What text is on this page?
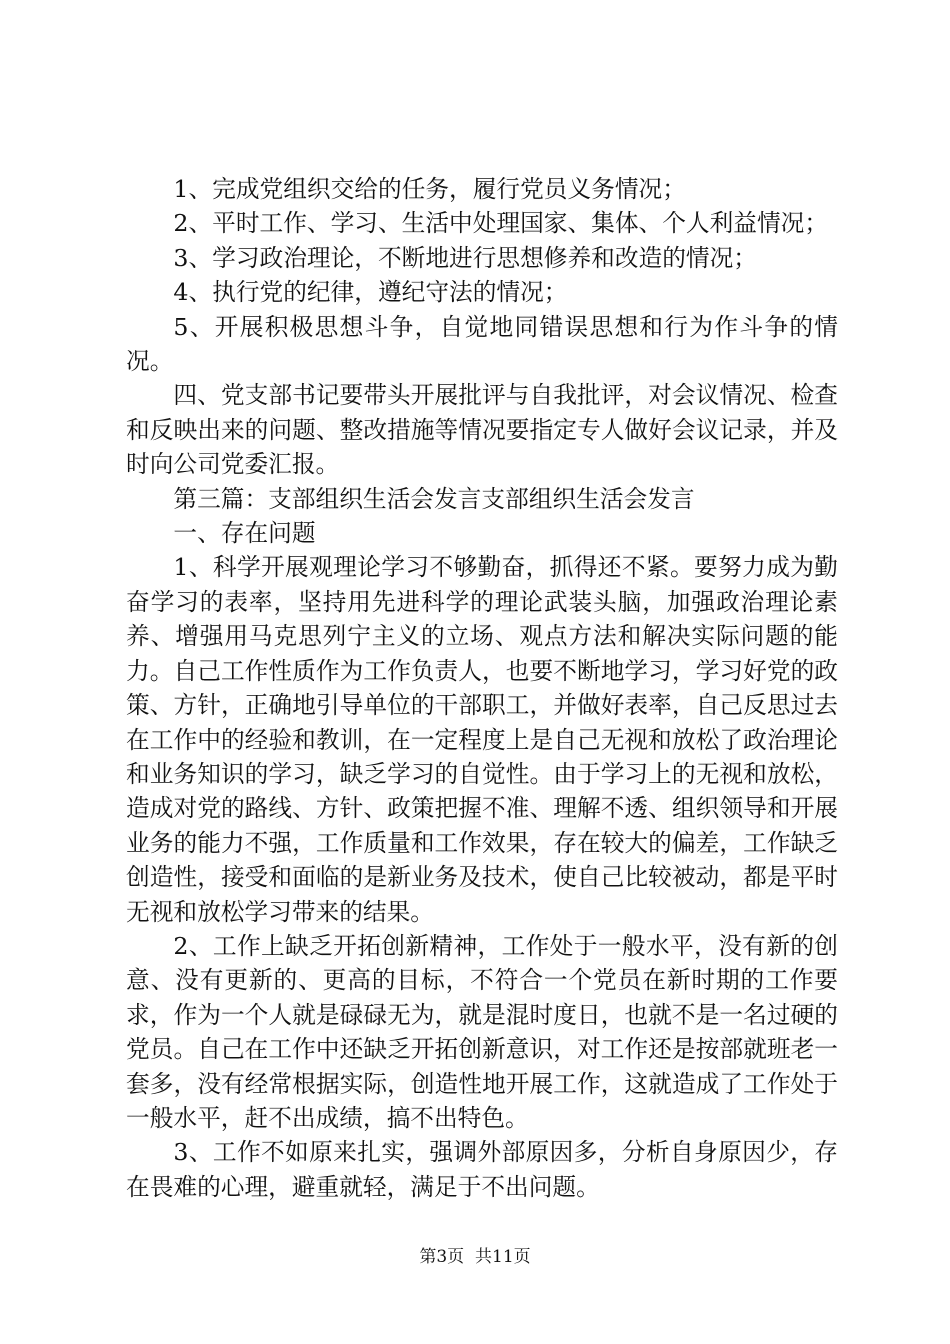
1、完成党组织交给的任务，履行党员义务情况；

2、平时工作、学习、生活中处理国家、集体、个人利益情况；

3、学习政治理论，不断地进行思想修养和改造的情况；

4、执行党的纪律，遵纪守法的情况；

5、开展积极思想斗争，自觉地同错误思想和行为作斗争的情况。

四、党支部书记要带头开展批评与自我批评，对会议情况、检查和反映出来的问题、整改措施等情况要指定专人做好会议记录，并及时向公司党委汇报。

第三篇：支部组织生活会发言支部组织生活会发言

一、存在问题

1、科学开展观理论学习不够勤奋，抓得还不紧。要努力成为勤奋学习的表率，坚持用先进科学的理论武装头脑，加强政治理论素养、增强用马克思列宁主义的立场、观点方法和解决实际问题的能力。自己工作性质作为工作负责人，也要不断地学习，学习好党的政策、方针，正确地引导单位的干部职工，并做好表率，自己反思过去在工作中的经验和教训，在一定程度上是自己无视和放松了政治理论和业务知识的学习，缺乏学习的自觉性。由于学习上的无视和放松，造成对党的路线、方针、政策把握不准、理解不透、组织领导和开展业务的能力不强，工作质量和工作效果，存在较大的偏差，工作缺乏创造性，接受和面临的是新业务及技术，使自己比较被动，都是平时无视和放松学习带来的结果。

2、工作上缺乏开拓创新精神，工作处于一般水平，没有新的创意、没有更新的、更高的目标，不符合一个党员在新时期的工作要求，作为一个人就是碌碌无为，就是混时度日，也就不是一名过硬的党员。自己在工作中还缺乏开拓创新意识，对工作还是按部就班老一套多，没有经常根据实际，创造性地开展工作，这就造成了工作处于一般水平，赶不出成绩，搞不出特色。

3、工作不如原来扎实，强调外部原因多，分析自身原因少，存在畏难的心理，避重就轻，满足于不出问题。

第3页 共11页
